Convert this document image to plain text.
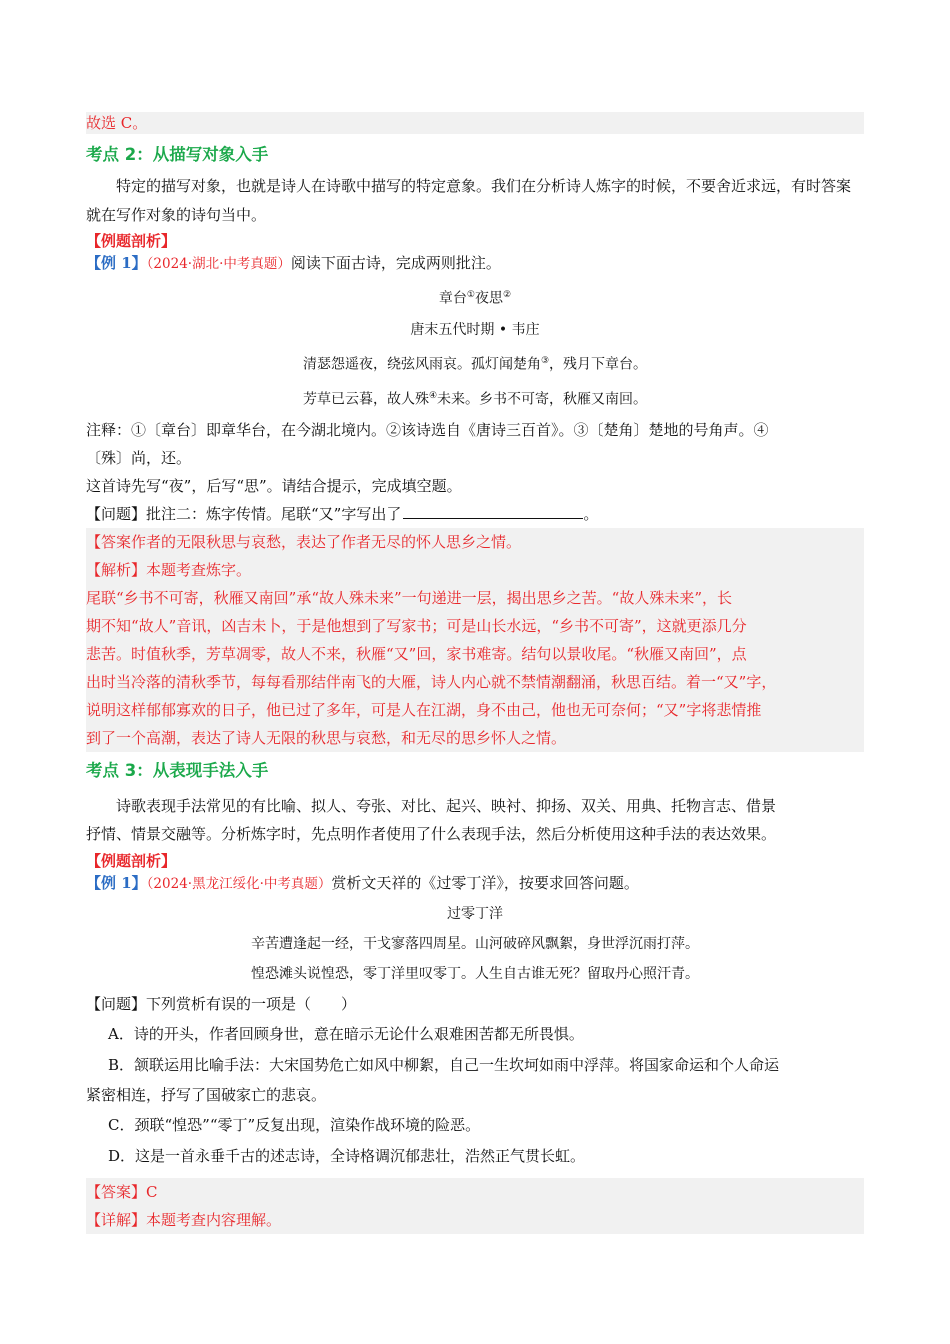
故选 C。
考点 2：从描写对象入手
特定的描写对象，也就是诗人在诗歌中描写的特定意象。我们在分析诗人炼字的时候，不要舍近求远，有时答案就在写作对象的诗句当中。
【例题剖析】
【例 1】（2024·湖北·中考真题）阅读下面古诗，完成两则批注。
章台①夜思②
唐末五代时期 • 韦庄
清瑟怨遥夜，绕弦风雨哀。孤灯闻楚角③，残月下章台。
芳草已云暮，故人殊④未来。乡书不可寄，秋雁又南回。
注释：①〔章台〕即章华台，在今湖北境内。②该诗选自《唐诗三百首》。③〔楚角〕楚地的号角声。④
〔殊〕尚，还。
这首诗先写“夜”，后写“思”。请结合提示，完成填空题。
【问题】批注二：炼字传情。尾联“又”字写出了	。
【答案作者的无限秋思与哀愁，表达了作者无尽的怀人思乡之情。
【解析】本题考查炼字。
尾联“乡书不可寄，秋雁又南回”承“故人殊未来”一句递进一层，揭出思乡之苦。“故人殊未来”，长
期不知“故人”音讯，凶吉未卜，于是他想到了写家书；可是山长水远，“乡书不可寄”，这就更添几分
悲苦。时值秋季，芳草凋零，故人不来，秋雁“又”回，家书难寄。结句以景收尾。“秋雁又南回”，点
出时当冷落的清秋季节，每每看那结伴南飞的大雁，诗人内心就不禁情潮翻涌，秋思百结。着一“又”字，
说明这样郁郁寡欢的日子，他已过了多年，可是人在江湖，身不由己，他也无可奈何；“又”字将悲情推
到了一个高潮，表达了诗人无限的秋思与哀愁，和无尽的思乡怀人之情。
考点 3：从表现手法入手
诗歌表现手法常见的有比喻、拟人、夸张、对比、起兴、映衬、抑扬、双关、用典、托物言志、借景
抒情、情景交融等。分析炼字时，先点明作者使用了什么表现手法，然后分析使用这种手法的表达效果。
【例题剖析】
【例 1】（2024·黑龙江绥化·中考真题）赏析文天祥的《过零丁洋》，按要求回答问题。
过零丁洋
辛苦遭逢起一经，干戈寥落四周星。山河破碎风飘絮，身世浮沉雨打萍。
惶恐滩头说惶恐，零丁洋里叹零丁。人生自古谁无死？留取丹心照汗青。
【问题】下列赏析有误的一项是（　　）
A．诗的开头，作者回顾身世，意在暗示无论什么艰难困苦都无所畏惧。
B．颔联运用比喻手法：大宋国势危亡如风中柳絮，自己一生坎坷如雨中浮萍。将国家命运和个人命运
紧密相连，抒写了国破家亡的悲哀。
C．颈联“惶恐”“零丁”反复出现，渲染作战环境的险恶。
D．这是一首永垂千古的述志诗，全诗格调沉郁悲壮，浩然正气贯长虹。
【答案】C
【详解】本题考查内容理解。
